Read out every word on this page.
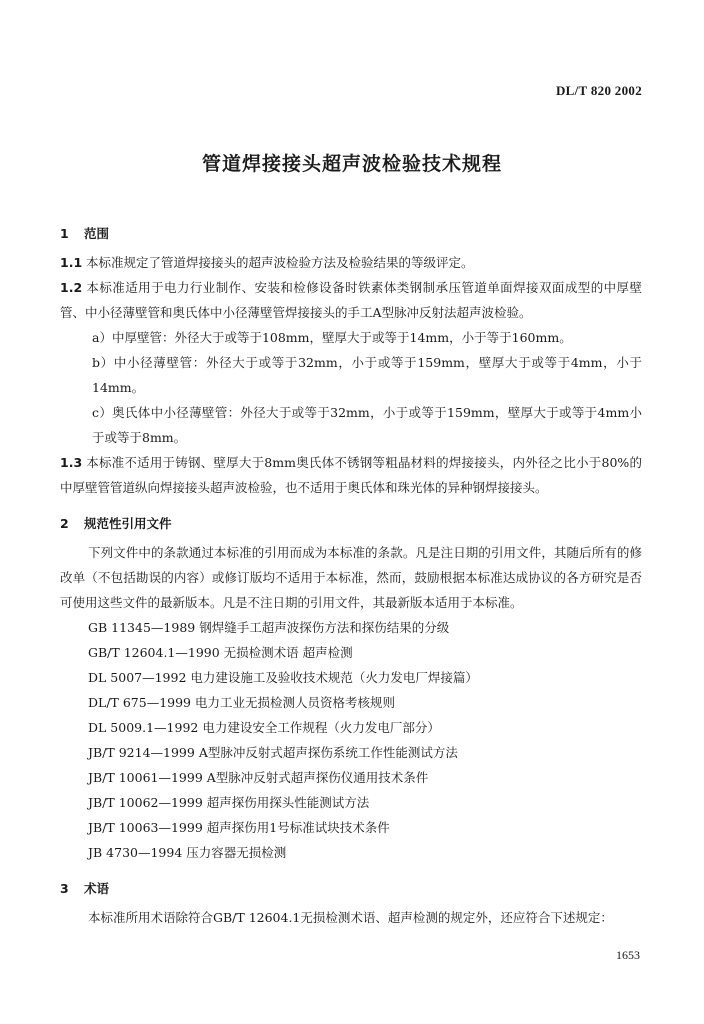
DL/T 820 2002
管道焊接接头超声波检验技术规程
1 范围
1.1 本标准规定了管道焊接接头的超声波检验方法及检验结果的等级评定。
1.2 本标准适用于电力行业制作、安装和检修设备时铁素体类钢制承压管道单面焊接双面成型的中厚壁管、中小径薄壁管和奥氏体中小径薄壁管焊接接头的手工A型脉冲反射法超声波检验。
a）中厚壁管：外径大于或等于108mm，壁厚大于或等于14mm，小于等于160mm。
b）中小径薄壁管：外径大于或等于32mm，小于或等于159mm，壁厚大于或等于4mm，小于14mm。
c）奥氏体中小径薄壁管：外径大于或等于32mm，小于或等于159mm，壁厚大于或等于4mm小于或等于8mm。
1.3 本标准不适用于铸钢、壁厚大于8mm奥氏体不锈钢等粗晶材料的焊接接头，内外径之比小于80%的中厚壁管管道纵向焊接接头超声波检验，也不适用于奥氏体和珠光体的异种钢焊接接头。
2 规范性引用文件
下列文件中的条款通过本标准的引用而成为本标准的条款。凡是注日期的引用文件，其随后所有的修改单（不包括勘误的内容）或修订版均不适用于本标准，然而，鼓励根据本标准达成协议的各方研究是否可使用这些文件的最新版本。凡是不注日期的引用文件，其最新版本适用于本标准。
GB 11345—1989 钢焊缝手工超声波探伤方法和探伤结果的分级
GB/T 12604.1—1990 无损检测术语 超声检测
DL 5007—1992 电力建设施工及验收技术规范（火力发电厂焊接篇）
DL/T 675—1999 电力工业无损检测人员资格考核规则
DL 5009.1—1992 电力建设安全工作规程（火力发电厂部分）
JB/T 9214—1999 A型脉冲反射式超声探伤系统工作性能测试方法
JB/T 10061—1999 A型脉冲反射式超声探伤仪通用技术条件
JB/T 10062—1999 超声探伤用探头性能测试方法
JB/T 10063—1999 超声探伤用1号标准试块技术条件
JB 4730—1994 压力容器无损检测
3 术语
本标准所用术语除符合GB/T 12604.1无损检测术语、超声检测的规定外，还应符合下述规定：
1653
